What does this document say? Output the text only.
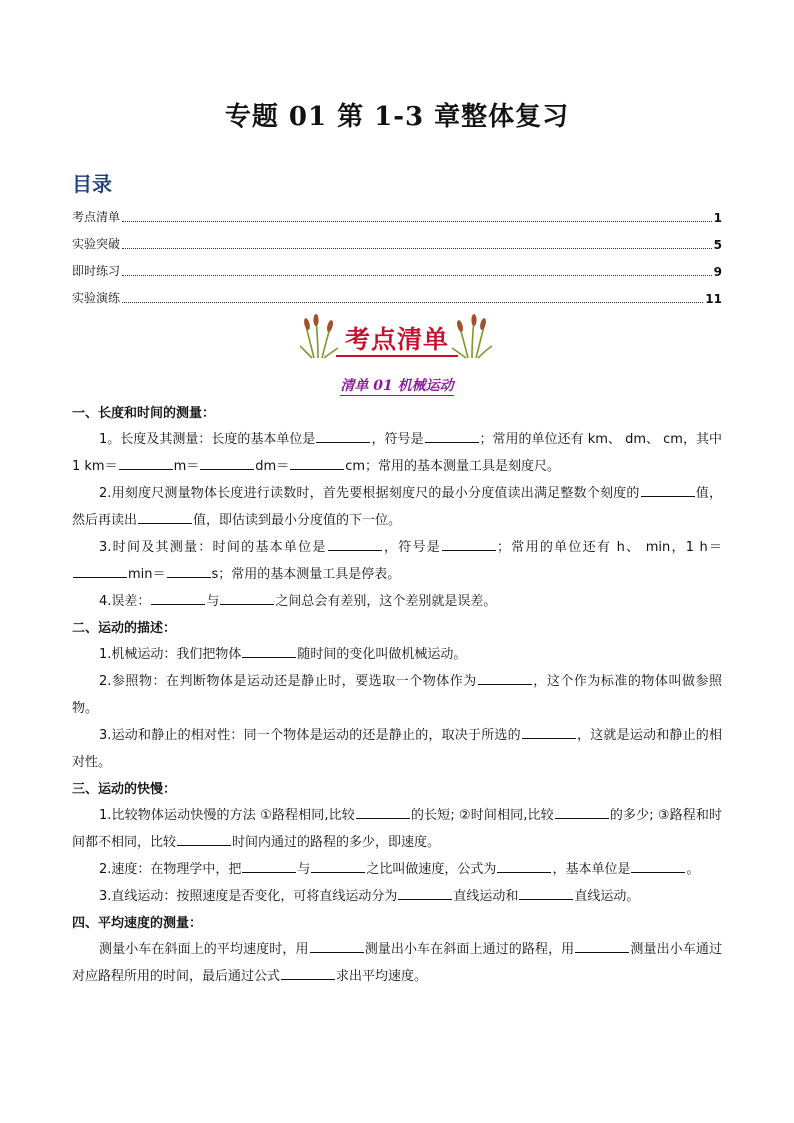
专题 01 第 1-3 章整体复习
目录
考点清单	1
实验突破	5
即时练习	9
实验演练	11
考点清单
清单 01 机械运动
一、长度和时间的测量：

1。长度及其测量：长度的基本单位是	，符号是	；常用的单位还有 km、 dm、 cm，其中 1 km＝	m＝	dm＝	cm；常用的基本测量工具是刻度尺。

2.用刻度尺测量物体长度进行读数时，首先要根据刻度尺的最小分度值读出满足整数个刻度的	值，然后再读出	值，即估读到最小分度值的下一位。

3.时间及其测量：时间的基本单位是	，符号是	；常用的单位还有 h、 min，1 h＝min＝	s；常用的基本测量工具是停表。

4.误差：	与	之间总会有差别，这个差别就是误差。

二、运动的描述：

1.机械运动：我们把物体	随时间的变化叫做机械运动。

2.参照物：在判断物体是运动还是静止时，要选取一个物体作为	，这个作为标准的物体叫做参照物。

3.运动和静止的相对性：同一个物体是运动的还是静止的，取决于所选的	，这就是运动和静止的相对性。

三、运动的快慢：

1.比较物体运动快慢的方法 ①路程相同,比较	的长短; ②时间相同,比较	的多少; ③路程和时间都不相同，比较	时间内通过的路程的多少，即速度。

2.速度：在物理学中，把	与	之比叫做速度，公式为	，基本单位是	。

3.直线运动：按照速度是否变化，可将直线运动分为	直线运动和	直线运动。

四、平均速度的测量：

测量小车在斜面上的平均速度时，用	测量出小车在斜面上通过的路程，用	测量出小车通过对应路程所用的时间，最后通过公式	求出平均速度。
